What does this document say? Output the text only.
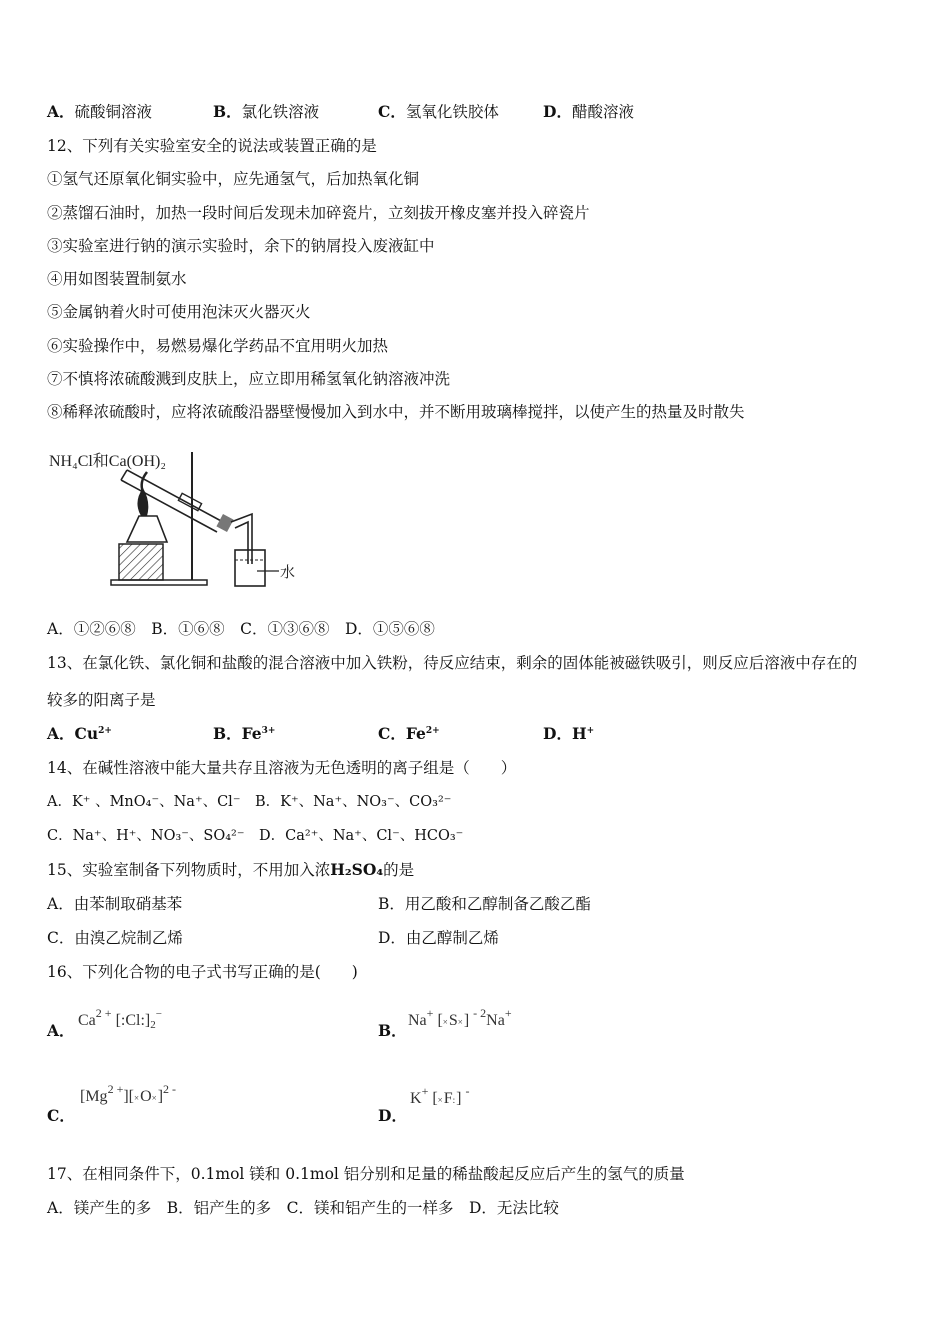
A．硫酸铜溶液	B．氯化铁溶液	C．氢氧化铁胶体	D．醋酸溶液
12、下列有关实验室安全的说法或装置正确的是
①氢气还原氧化铜实验中，应先通氢气，后加热氧化铜
②蒸馏石油时，加热一段时间后发现未加碎瓷片，立刻拔开橡皮塞并投入碎瓷片
③实验室进行钠的演示实验时，余下的钠屑投入废液缸中
④用如图装置制氨水
⑤金属钠着火时可使用泡沫灭火器灭火
⑥实验操作中，易燃易爆化学药品不宜用明火加热
⑦不慎将浓硫酸溅到皮肤上，应立即用稀氢氧化钠溶液冲洗
⑧稀释浓硫酸时，应将浓硫酸沿器壁慢慢加入到水中，并不断用玻璃棒搅拌，以使产生的热量及时散失
NH₄Cl和Ca(OH)₂
水
A．①②⑥⑧　B．①⑥⑧　C．①③⑥⑧　D．①⑤⑥⑧
13、在氯化铁、氯化铜和盐酸的混合溶液中加入铁粉，待反应结束，剩余的固体能被磁铁吸引，则反应后溶液中存在的
较多的阳离子是
A．$Cu^{2+}$	B．$Fe^{3+}$	C．$Fe^{2+}$	D．H+
14、在碱性溶液中能大量共存且溶液为无色透明的离子组是（　　）
A．K⁺ 、MnO₄⁻、Na⁺、Cl⁻　B．K⁺、Na⁺、NO₃⁻、CO₃²⁻
C．Na⁺、H⁺、NO₃⁻、SO₄²⁻　D．Ca²⁺、Na⁺、Cl⁻、HCO₃⁻
15、实验室制备下列物质时，不用加入浓H₂SO₄的是
A．由苯制取硝基苯	B．用乙酸和乙醇制备乙酸乙酯
C．由溴乙烷制乙烯	D．由乙醇制乙烯
16、下列化合物的电子式书写正确的是(　　)
A．
$Ca^{2 +}$ [:Cl:]2−
B．
Na+ [×S×] $^{- 2}$Na+
C．
$[Mg^{2 +}][\times O\times]^{2 -}$
D．
K+ [×F:] -
17、在相同条件下，0.1mol 镁和 0.1mol 铝分别和足量的稀盐酸起反应后产生的氢气的质量
A．镁产生的多　B．铝产生的多　C．镁和铝产生的一样多　D．无法比较
